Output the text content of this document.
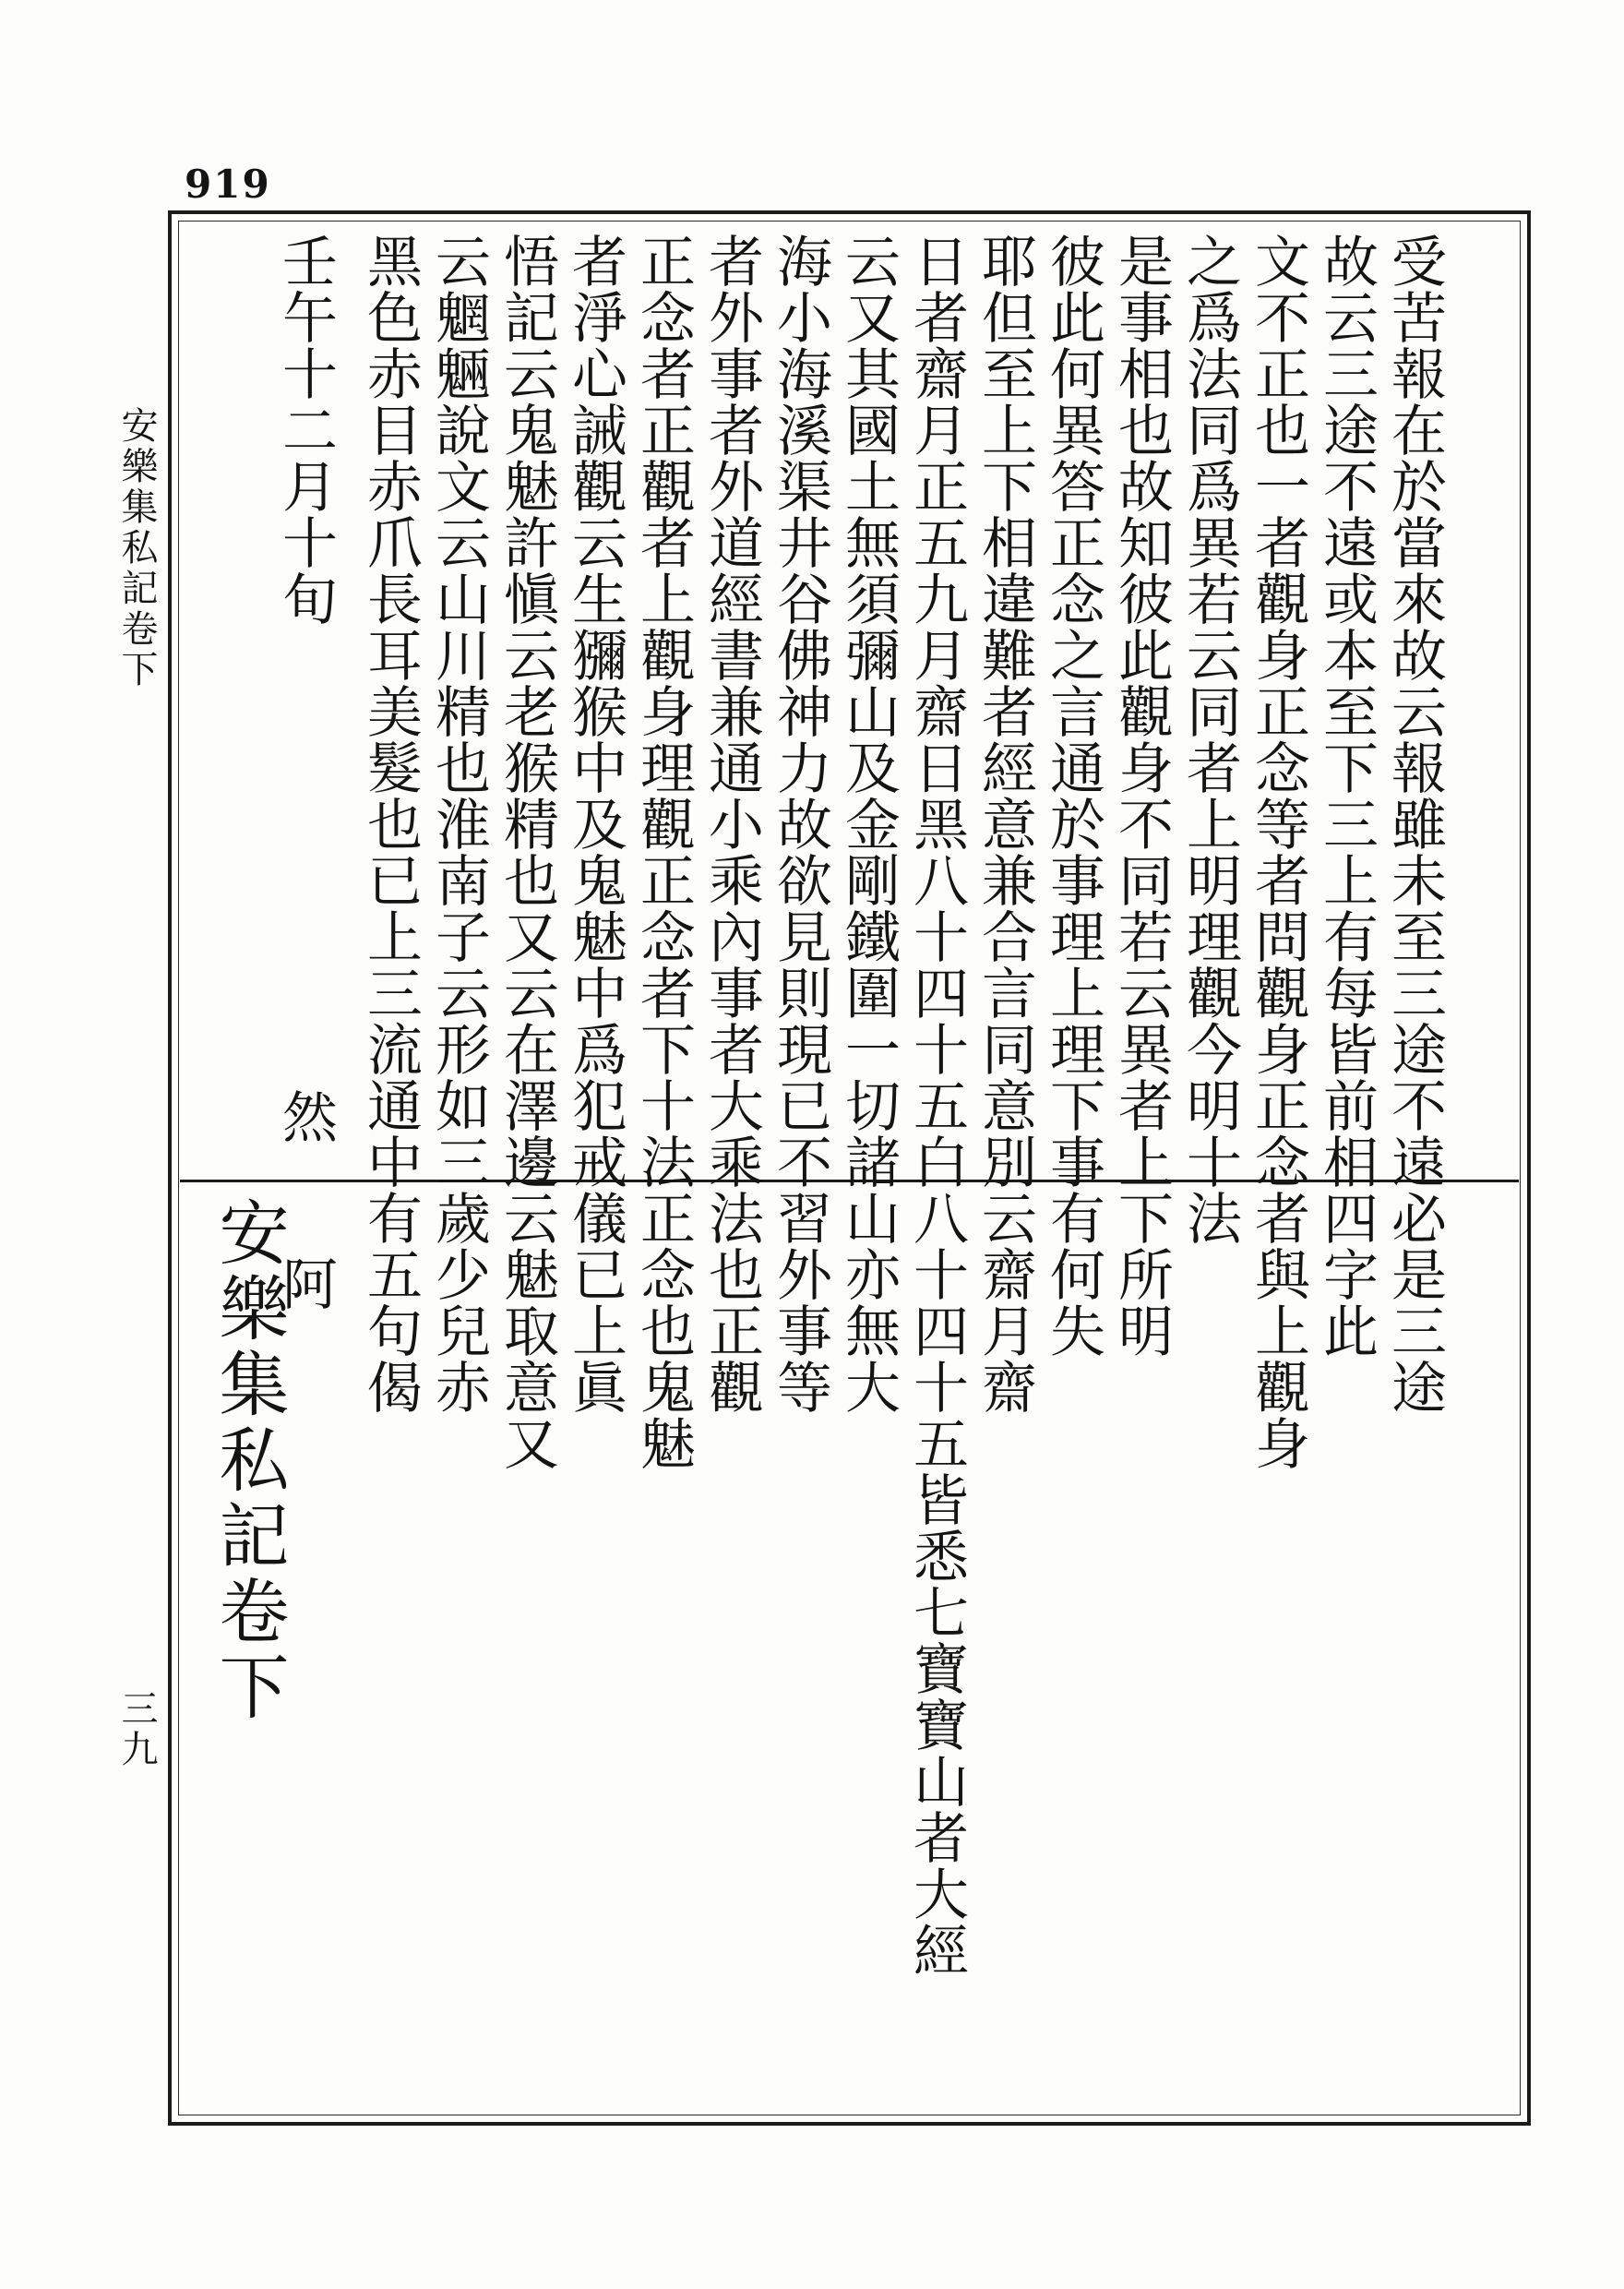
919
受苦報在於當來故云報雖未至三途不遠必是三途
故云三途不遠或本至下三上有每皆前相四字此
文不正也一者觀身正念等者問觀身正念者與上觀身
之爲法同爲異若云同者上明理觀今明十法
是事相也故知彼此觀身不同若云異者上下所明
彼此何異答正念之言通於事理上理下事有何失
耶但至上下相違難者經意兼合言同意別云齋月齋
日者齋月正五九月齋日黑八十四十五白八十四十五皆悉七寶寶山者大經
云又其國土無須彌山及金剛鐵圍一切諸山亦無大
海小海溪渠井谷佛神力故欲見則現已不習外事等
者外事者外道經書兼通小乘內事者大乘法也正觀
正念者正觀者上觀身理觀正念者下十法正念也鬼魅
者淨心誡觀云生獼猴中及鬼魅中爲犯戒儀已上眞
悟記云鬼魅許愼云老猴精也又云在澤邊云魅取意又
云魍魎說文云山川精也淮南子云形如三歲少兒赤
黑色赤目赤爪長耳美髮也已上三流通中有五句偈
壬午十二月十旬然阿
安樂集私記卷下
安樂集私記卷下
三九
